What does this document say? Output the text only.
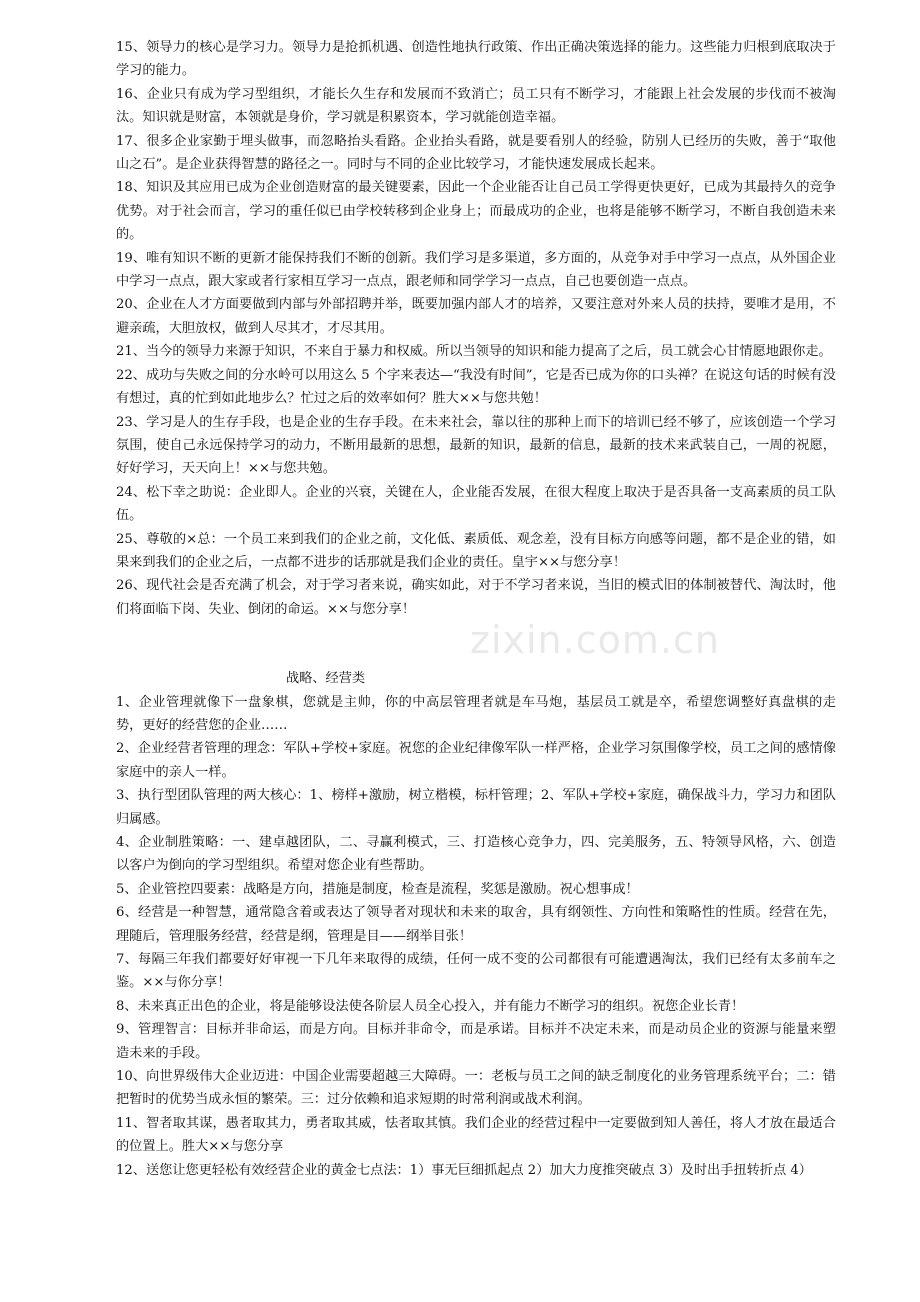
zixin.com.cn

15、领导力的核心是学习力。领导力是抢抓机遇、创造性地执行政策、作出正确决策选择的能力。这些能力归根到底取决于学习的能力。

16、企业只有成为学习型组织，才能长久生存和发展而不致消亡；员工只有不断学习，才能跟上社会发展的步伐而不被淘汰。知识就是财富，本领就是身价，学习就是积累资本，学习就能创造幸福。

17、很多企业家勤于埋头做事，而忽略抬头看路。企业抬头看路，就是要看别人的经验，防别人已经历的失败，善于“取他山之石”。是企业获得智慧的路径之一。同时与不同的企业比较学习，才能快速发展成长起来。

18、知识及其应用已成为企业创造财富的最关键要素，因此一个企业能否让自己员工学得更快更好，已成为其最持久的竞争优势。对于社会而言，学习的重任似已由学校转移到企业身上；而最成功的企业，也将是能够不断学习，不断自我创造未来的。

19、唯有知识不断的更新才能保持我们不断的创新。我们学习是多渠道，多方面的，从竞争对手中学习一点点，从外国企业中学习一点点，跟大家或者行家相互学习一点点，跟老师和同学学习一点点，自己也要创造一点点。

20、企业在人才方面要做到内部与外部招聘并举，既要加强内部人才的培养，又要注意对外来人员的扶持，要唯才是用，不避亲疏，大胆放权，做到人尽其才，才尽其用。

21、当今的领导力来源于知识，不来自于暴力和权威。所以当领导的知识和能力提高了之后，员工就会心甘情愿地跟你走。

22、成功与失败之间的分水岭可以用这么 5 个字来表达—“我没有时间”，它是否已成为你的口头禅？在说这句话的时候有没有想过，真的忙到如此地步么？忙过之后的效率如何？胜大××与您共勉！

23、学习是人的生存手段，也是企业的生存手段。在未来社会，靠以往的那种上而下的培训已经不够了，应该创造一个学习氛围，使自己永远保持学习的动力，不断用最新的思想，最新的知识，最新的信息，最新的技术来武装自己，一周的祝愿，好好学习，天天向上！××与您共勉。

24、松下幸之助说：企业即人。企业的兴衰，关键在人，企业能否发展，在很大程度上取决于是否具备一支高素质的员工队伍。

25、尊敬的×总：一个员工来到我们的企业之前，文化低、素质低、观念差，没有目标方向感等问题，都不是企业的错，如果来到我们的企业之后，一点都不进步的话那就是我们企业的责任。皇宇××与您分享！

26、现代社会是否充满了机会，对于学习者来说，确实如此，对于不学习者来说，当旧的模式旧的体制被替代、淘汰时，他们将面临下岗、失业、倒闭的命运。××与您分享！

战略、经营类

1、企业管理就像下一盘象棋，您就是主帅，你的中高层管理者就是车马炮，基层员工就是卒，希望您调整好真盘棋的走势，更好的经营您的企业……

2、企业经营者管理的理念：军队+学校+家庭。祝您的企业纪律像军队一样严格，企业学习氛围像学校，员工之间的感情像家庭中的亲人一样。

3、执行型团队管理的两大核心：1、榜样+激励，树立楷模，标杆管理；2、军队+学校+家庭，确保战斗力，学习力和团队归属感。

4、企业制胜策略：一、建卓越团队，二、寻赢利模式，三、打造核心竞争力，四、完美服务，五、特领导风格，六、创造以客户为倒向的学习型组织。希望对您企业有些帮助。

5、企业管控四要素：战略是方向，措施是制度，检查是流程，奖惩是激励。祝心想事成！

6、经营是一种智慧，通常隐含着或表达了领导者对现状和未来的取舍，具有纲领性、方向性和策略性的性质。经营在先，理随后，管理服务经营，经营是纲，管理是目——纲举目张！

7、每隔三年我们都要好好审视一下几年来取得的成绩，任何一成不变的公司都很有可能遭遇淘汰，我们已经有太多前车之鉴。××与你分享！

8、未来真正出色的企业，将是能够设法使各阶层人员全心投入，并有能力不断学习的组织。祝您企业长青！

9、管理智言：目标并非命运，而是方向。目标并非命令，而是承诺。目标并不决定未来，而是动员企业的资源与能量来塑造未来的手段。

10、向世界级伟大企业迈进：中国企业需要超越三大障碍。一：老板与员工之间的缺乏制度化的业务管理系统平台；二：错把暂时的优势当成永恒的繁荣。三：过分依赖和追求短期的时常利润或战术利润。

11、智者取其谋，愚者取其力，勇者取其威，怯者取其慎。我们企业的经营过程中一定要做到知人善任，将人才放在最适合的位置上。胜大××与您分享

12、送您让您更轻松有效经营企业的黄金七点法：1）事无巨细抓起点 2）加大力度推突破点 3）及时出手扭转折点 4）
